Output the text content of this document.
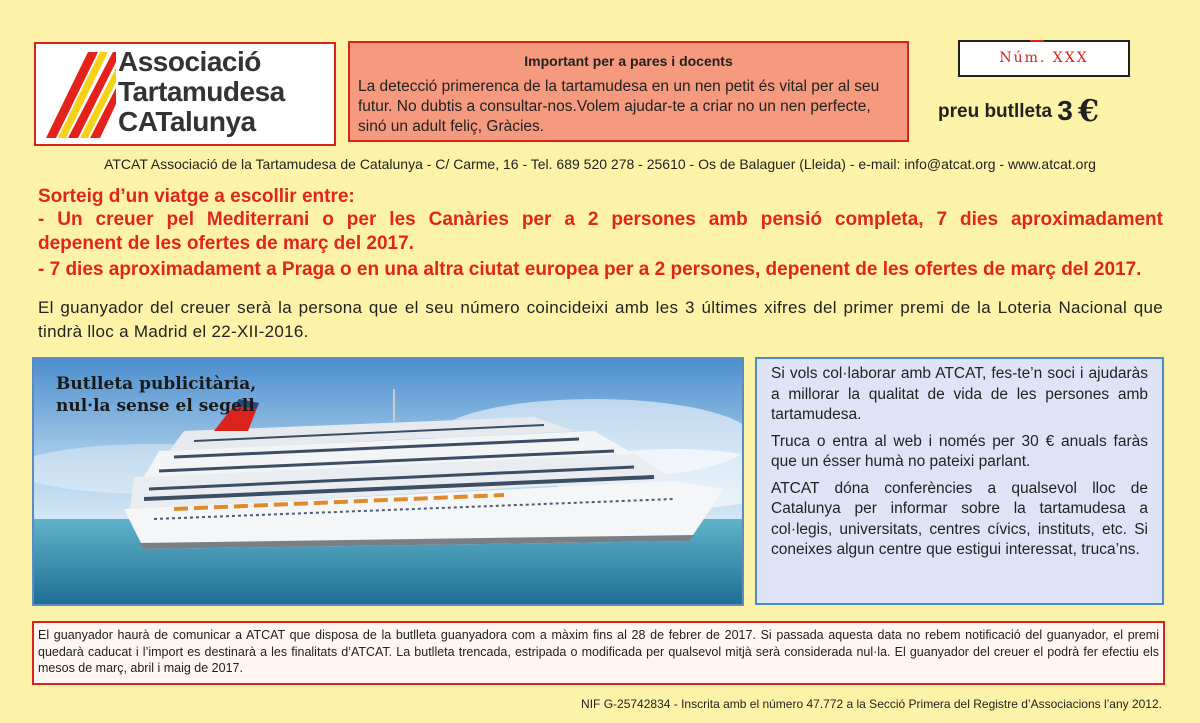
Associació
Tartamudesa
CATalunya
Important per a pares i docents
La detecció primerenca de la tartamudesa en un nen petit és vital per al seu futur. No dubtis a consultar-nos.Volem ajudar-te a criar no un nen perfecte, sinó un adult feliç, Gràcies.
Núm. XXX
preu butlleta 3 €
ATCAT Associació de la Tartamudesa de Catalunya - C/ Carme, 16 - Tel. 689 520 278 - 25610 - Os de Balaguer (Lleida) - e-mail: info@atcat.org - www.atcat.org
Sorteig d’un viatge a escollir entre:
- Un creuer pel Mediterrani o per les Canàries per a 2 persones amb pensió completa, 7 dies aproximadament
depenent de les ofertes de març del 2017.
- 7 dies aproximadament a Praga o en una altra ciutat europea per a 2 persones, depenent de les ofertes de març del 2017.
El guanyador del creuer serà la persona que el seu número coincideixi amb les 3 últimes xifres del primer premi de la Loteria Nacional que tindrà lloc a Madrid el 22-XII-2016.
Butlleta publicitària,
nul·la sense el segell

Si vols col·laborar amb ATCAT, fes-te’n soci i ajudaràs a millorar la qualitat de vida de les persones amb tartamudesa.

Truca o entra al web i només per 30 € anuals faràs que un ésser humà no pateixi parlant.

ATCAT dóna conferències a qualsevol lloc de Catalunya per informar sobre la tartamudesa a col·legis, universitats, centres cívics, instituts, etc. Si coneixes algun centre que estigui interessat, truca’ns.

El guanyador haurà de comunicar a ATCAT que disposa de la butlleta guanyadora com a màxim fins al 28 de febrer de 2017. Si passada aquesta data no rebem notificació del guanyador, el premi quedarà caducat i l’import es destinarà a les finalitats d’ATCAT. La butlleta trencada, estripada o modificada per qualsevol mitjà serà considerada nul·la. El guanyador del creuer el podrà fer efectiu els mesos de març, abril i maig de 2017.
NIF G-25742834 - Inscrita amb el número 47.772 a la Secció Primera del Registre d’Associacions l’any 2012.
